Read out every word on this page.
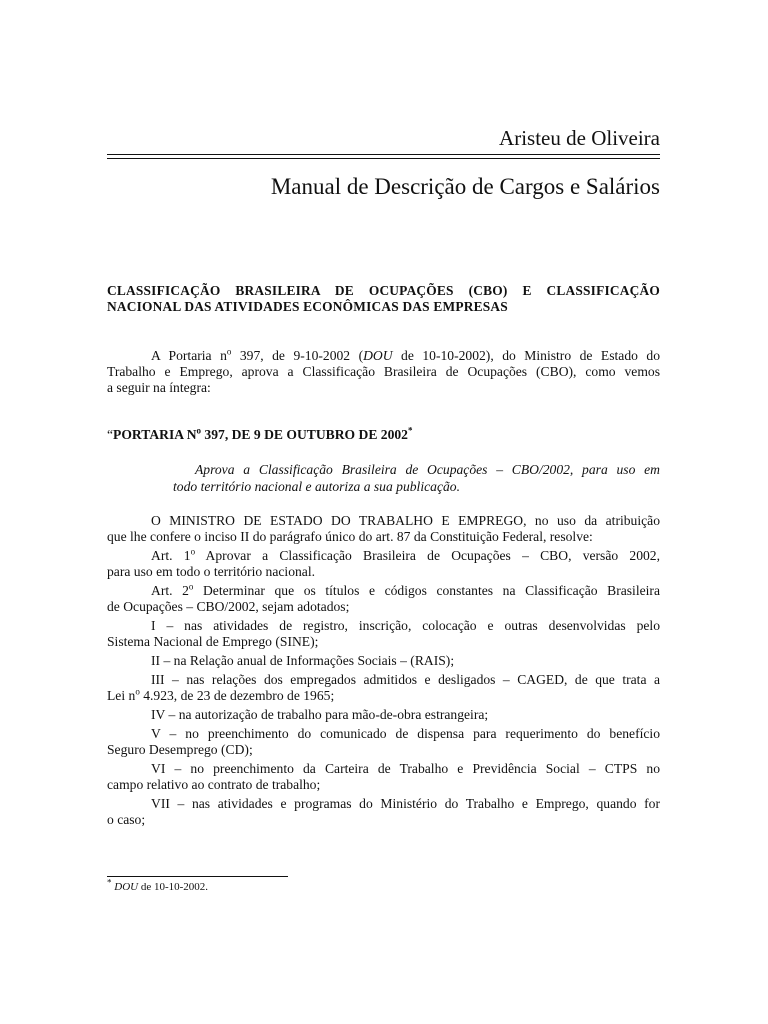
Aristeu de Oliveira
Manual de Descrição de Cargos e Salários
CLASSIFICAÇÃO BRASILEIRA DE OCUPAÇÕES (CBO) E CLASSIFICAÇÃO
NACIONAL DAS ATIVIDADES ECONÔMICAS DAS EMPRESAS

A Portaria $n^o$ 397, de 9-10-2002 (DOU de 10-10-2002), do Ministro de Estado do
Trabalho e Emprego, aprova a Classificação Brasileira de Ocupações (CBO), como vemos
a seguir na íntegra:

“PORTARIA $N^o$ 397, DE 9 DE OUTUBRO DE 2002*

Aprova a Classificação Brasileira de Ocupações – CBO/2002, para uso em
todo território nacional e autoriza a sua publicação.

O MINISTRO DE ESTADO DO TRABALHO E EMPREGO, no uso da atribuição
que lhe confere o inciso II do parágrafo único do art. 87 da Constituição Federal, resolve:

Art. 1$^o$ Aprovar a Classificação Brasileira de Ocupações – CBO, versão 2002,
para uso em todo o território nacional.

Art. 2$^o$ Determinar que os títulos e códigos constantes na Classificação Brasileira
de Ocupações – CBO/2002, sejam adotados;

I – nas atividades de registro, inscrição, colocação e outras desenvolvidas pelo
Sistema Nacional de Emprego (SINE);

II – na Relação anual de Informações Sociais – (RAIS);

III – nas relações dos empregados admitidos e desligados – CAGED, de que trata a
Lei $n^o$ 4.923, de 23 de dezembro de 1965;

IV – na autorização de trabalho para mão-de-obra estrangeira;

V – no preenchimento do comunicado de dispensa para requerimento do benefício
Seguro Desemprego (CD);

VI – no preenchimento da Carteira de Trabalho e Previdência Social – CTPS no
campo relativo ao contrato de trabalho;

VII – nas atividades e programas do Ministério do Trabalho e Emprego, quando for
o caso;

* DOU de 10-10-2002.
